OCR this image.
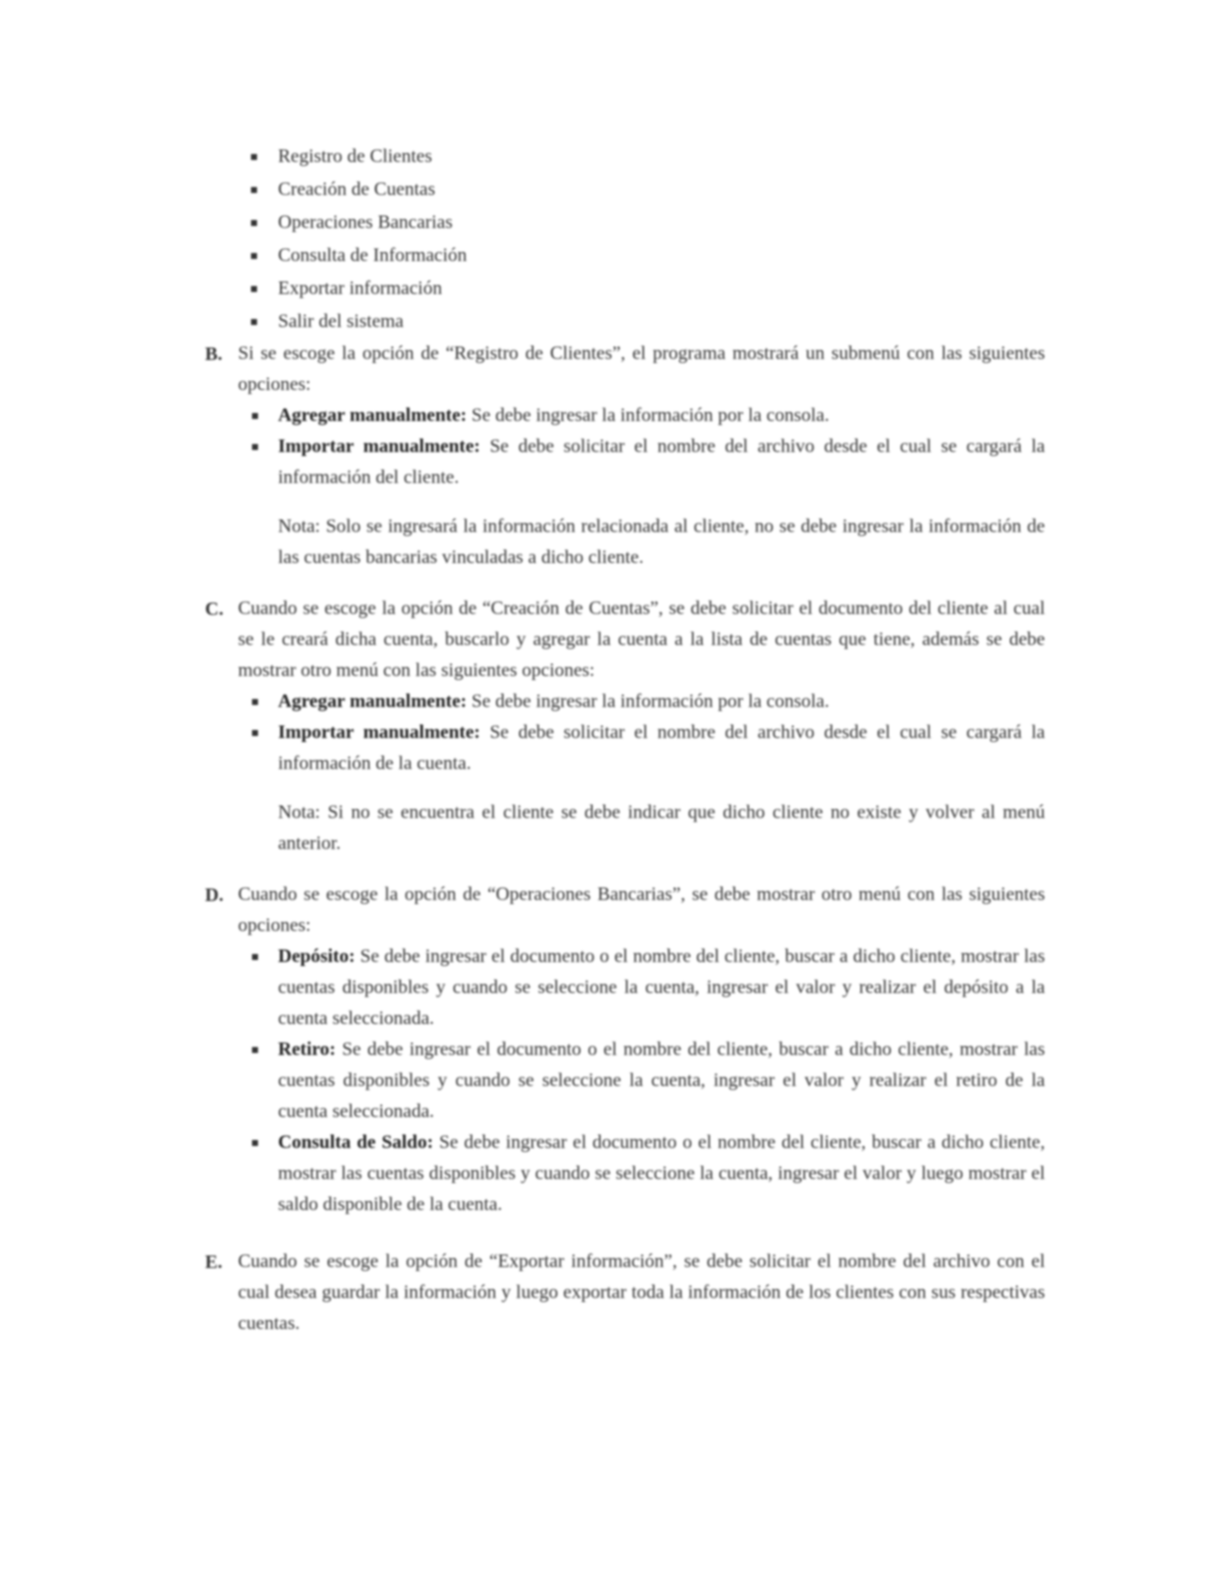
Registro de Clientes
Creación de Cuentas
Operaciones Bancarias
Consulta de Información
Exportar información
Salir del sistema
B. Si se escoge la opción de “Registro de Clientes”, el programa mostrará un submenú con las siguientes opciones:
Agregar manualmente: Se debe ingresar la información por la consola.
Importar manualmente: Se debe solicitar el nombre del archivo desde el cual se cargará la información del cliente.
Nota: Solo se ingresará la información relacionada al cliente, no se debe ingresar la información de las cuentas bancarias vinculadas a dicho cliente.
C. Cuando se escoge la opción de “Creación de Cuentas”, se debe solicitar el documento del cliente al cual se le creará dicha cuenta, buscarlo y agregar la cuenta a la lista de cuentas que tiene, además se debe mostrar otro menú con las siguientes opciones:
Agregar manualmente: Se debe ingresar la información por la consola.
Importar manualmente: Se debe solicitar el nombre del archivo desde el cual se cargará la información de la cuenta.
Nota: Si no se encuentra el cliente se debe indicar que dicho cliente no existe y volver al menú anterior.
D. Cuando se escoge la opción de “Operaciones Bancarias”, se debe mostrar otro menú con las siguientes opciones:
Depósito: Se debe ingresar el documento o el nombre del cliente, buscar a dicho cliente, mostrar las cuentas disponibles y cuando se seleccione la cuenta, ingresar el valor y realizar el depósito a la cuenta seleccionada.
Retiro: Se debe ingresar el documento o el nombre del cliente, buscar a dicho cliente, mostrar las cuentas disponibles y cuando se seleccione la cuenta, ingresar el valor y realizar el retiro de la cuenta seleccionada.
Consulta de Saldo: Se debe ingresar el documento o el nombre del cliente, buscar a dicho cliente, mostrar las cuentas disponibles y cuando se seleccione la cuenta, ingresar el valor y luego mostrar el saldo disponible de la cuenta.
E. Cuando se escoge la opción de “Exportar información”, se debe solicitar el nombre del archivo con el cual desea guardar la información y luego exportar toda la información de los clientes con sus respectivas cuentas.
